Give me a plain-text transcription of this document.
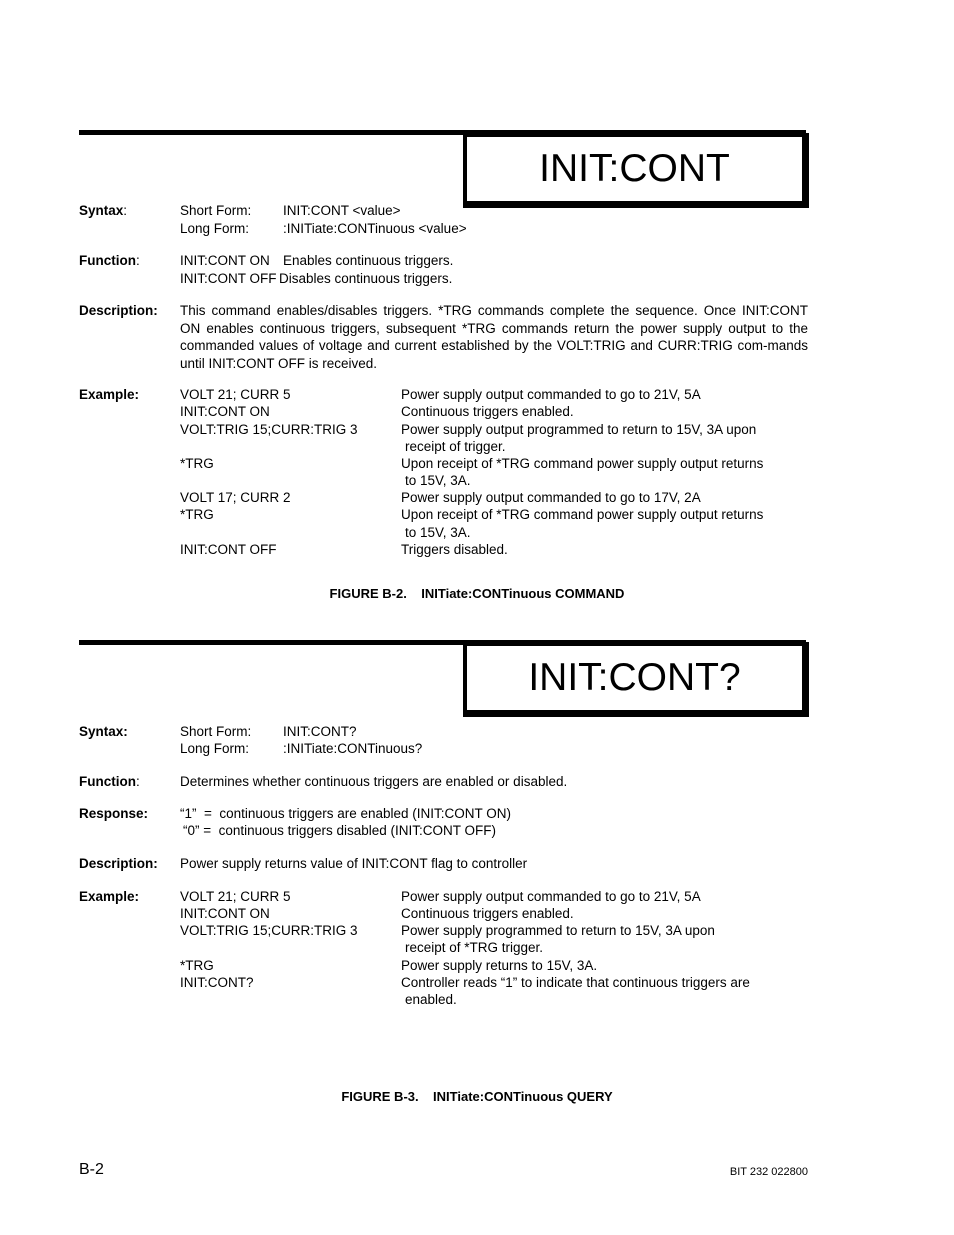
INIT:CONT
Syntax:	Short Form: INIT:CONT <value>
Long Form:	:INITiate:CONTinuous <value>
Function:	INIT:CONT ON Enables continuous triggers.
INIT:CONT OFF Disables continuous triggers.
Description: This command enables/disables triggers. *TRG commands complete the sequence. Once INIT:CONT ON enables continuous triggers, subsequent *TRG commands return the power supply output to the commanded values of voltage and current established by the VOLT:TRIG and CURR:TRIG com-mands until INIT:CONT OFF is received.
Example:	VOLT 21; CURR 5	Power supply output commanded to go to 21V, 5A
INIT:CONT ON	Continuous triggers enabled.
VOLT:TRIG 15;CURR:TRIG 3	Power supply output programmed to return to 15V, 3A upon
receipt of trigger.
*TRG	Upon receipt of *TRG command power supply output returns
to 15V, 3A.
VOLT 17; CURR 2	Power supply output commanded to go to 17V, 2A
*TRG	Upon receipt of *TRG command power supply output returns
to 15V, 3A.
INIT:CONT OFF	Triggers disabled.
FIGURE B-2.    INITiate:CONTinuous COMMAND
INIT:CONT?
Syntax:	Short Form: INIT:CONT?
Long Form:	:INITiate:CONTinuous?
Function:	Determines whether continuous triggers are enabled or disabled.
Response: “1”  =  continuous triggers are enabled (INIT:CONT ON)
“0” =  continuous triggers disabled (INIT:CONT OFF)
Description: Power supply returns value of INIT:CONT flag to controller
Example:	VOLT 21; CURR 5	Power supply output commanded to go to 21V, 5A
INIT:CONT ON	Continuous triggers enabled.
VOLT:TRIG 15;CURR:TRIG 3	Power supply programmed to return to 15V, 3A upon
receipt of *TRG trigger.
*TRG	Power supply returns to 15V, 3A.
INIT:CONT?	Controller reads “1” to indicate that continuous triggers are
enabled.
FIGURE B-3.    INITiate:CONTinuous QUERY
B-2	BIT 232 022800
